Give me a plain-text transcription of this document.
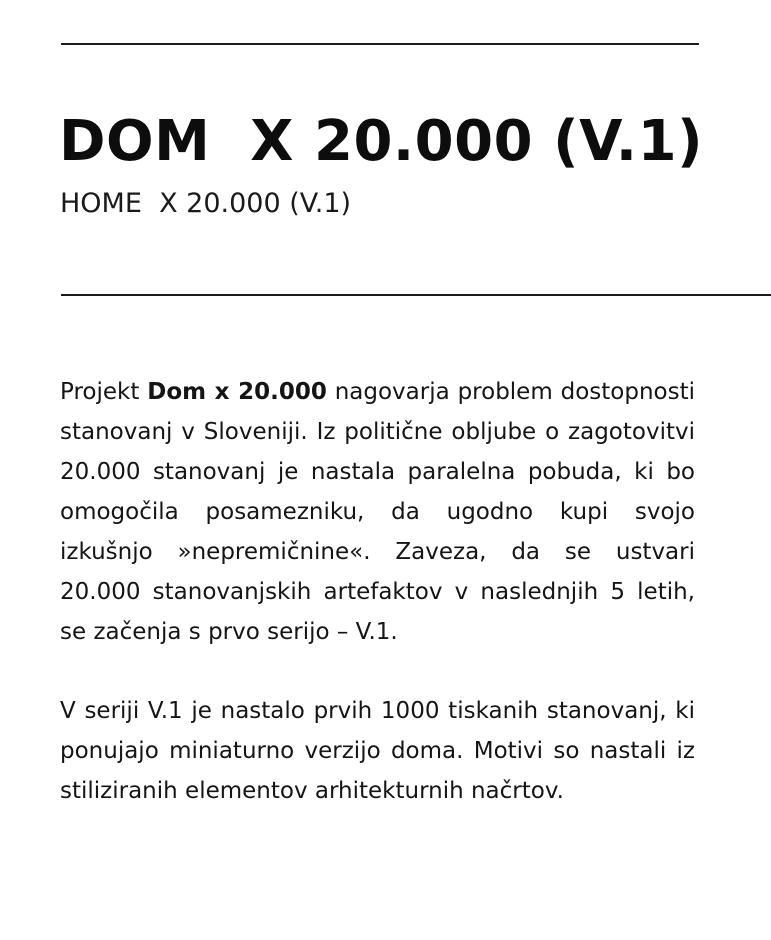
DOM  X 20.000 (V.1)
HOME  X 20.000 (V.1)

Projekt Dom x 20.000 nagovarja problem dostopnosti stanovanj v Sloveniji. Iz politične obljube o zagotovitvi 20.000 stanovanj je nastala paralelna pobuda, ki bo omogočila posamezniku, da ugodno kupi svojo izkušnjo »nepremičnine«. Zaveza, da se ustvari 20.000 stanovanjskih artefaktov v naslednjih 5 letih, se začenja s prvo serijo – V.1.

V seriji V.1 je nastalo prvih 1000 tiskanih stanovanj, ki ponujajo miniaturno verzijo doma. Motivi so nastali iz stiliziranih elementov arhitekturnih načrtov.
